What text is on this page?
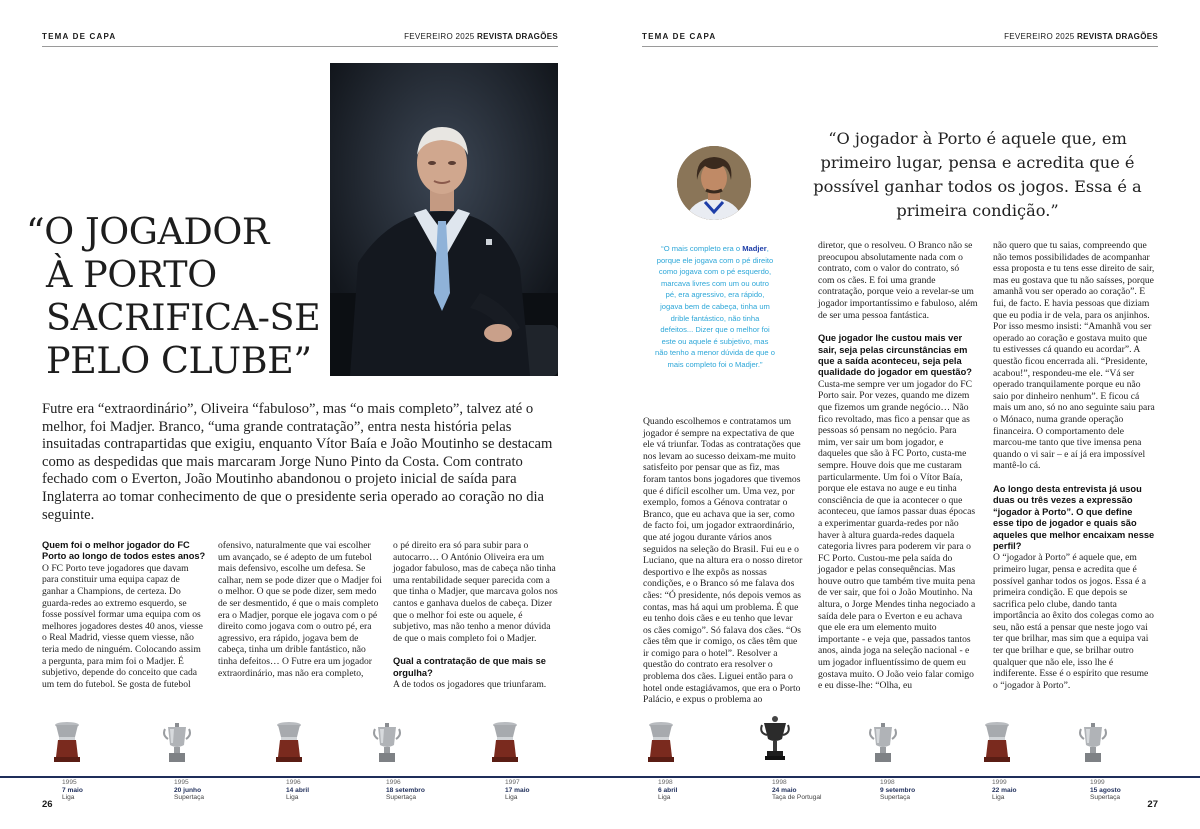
TEMA DE CAPA	FEVEREIRO 2025 REVISTA DRAGÕES
“O JOGADOR
À PORTO
SACRIFICA-SE
PELO CLUBE”
Futre era “extraordinário”, Oliveira “fabuloso”, mas “o mais completo”, talvez até o melhor, foi Madjer. Branco, “uma grande contratação”, entra nesta história pelas insuitadas contrapartidas que exigiu, enquanto Vítor Baía e João Moutinho se destacam como as despedidas que mais marcaram Jorge Nuno Pinto da Costa. Com contrato fechado com o Everton, João Moutinho abandonou o projeto inicial de saída para Inglaterra ao tomar conhecimento de que o presidente seria operado ao coração no dia seguinte.

Quem foi o melhor jogador do FC Porto ao longo de todos estes anos?

O FC Porto teve jogadores que davam para constituir uma equipa capaz de ganhar a Champions, de certeza. Do guarda-redes ao extremo esquerdo, se fosse possível formar uma equipa com os melhores jogadores destes 40 anos, viesse o Real Madrid, viesse quem viesse, não teria medo de ninguém. Colocando assim a pergunta, para mim foi o Madjer. É subjetivo, depende do conceito que cada um tem do futebol. Se gosta de futebol

ofensivo, naturalmente que vai escolher um avançado, se é adepto de um futebol mais defensivo, escolhe um defesa. Se calhar, nem se pode dizer que o Madjer foi o melhor. O que se pode dizer, sem medo de ser desmentido, é que o mais completo era o Madjer, porque ele jogava com o pé direito como jogava com o outro pé, era agressivo, era rápido, jogava bem de cabeça, tinha um drible fantástico, não tinha defeitos… O Futre era um jogador extraordinário, mas não era completo,

o pé direito era só para subir para o autocarro… O António Oliveira era um jogador fabuloso, mas de cabeça não tinha uma rentabilidade sequer parecida com a que tinha o Madjer, que marcava golos nos cantos e ganhava duelos de cabeça. Dizer que o melhor foi este ou aquele, é subjetivo, mas não tenho a menor dúvida de que o mais completo foi o Madjer.

Qual a contratação de que mais se orgulha?

A de todos os jogadores que triunfaram.

1995
7 maio
Liga
1995
20 junho
Supertaça
1996
14 abril
Liga
1996
18 setembro
Supertaça
1997
17 maio
Liga
26
TEMA DE CAPA	FEVEREIRO 2025 REVISTA DRAGÕES
27
“O jogador à Porto é aquele que, em primeiro lugar, pensa e acredita que é possível ganhar todos os jogos. Essa é a primeira condição.”
“O mais completo era o Madjer, porque ele jogava com o pé direito como jogava com o pé esquerdo, marcava livres com um ou outro pé, era agressivo, era rápido, jogava bem de cabeça, tinha um drible fantástico, não tinha defeitos... Dizer que o melhor foi este ou aquele é subjetivo, mas não tenho a menor dúvida de que o mais completo foi o Madjer.”

Quando escolhemos e contratamos um jogador é sempre na expectativa de que ele vá triunfar. Todas as contratações que nos levam ao sucesso deixam-me muito satisfeito por pensar que as fiz, mas foram tantos bons jogadores que tivemos que é difícil escolher um. Uma vez, por exemplo, fomos a Génova contratar o Branco, que eu achava que ia ser, como de facto foi, um jogador extraordinário, que até jogou durante vários anos seguidos na seleção do Brasil. Fui eu e o Luciano, que na altura era o nosso diretor desportivo e lhe expôs as nossas condições, e o Branco só me falava dos cães: “Ó presidente, nós depois vemos as contas, mas há aqui um problema. É que eu tenho dois cães e eu tenho que levar os cães comigo”. Só falava dos cães. “Os cães têm que ir comigo, os cães têm que ir comigo para o hotel”. Resolver a questão do contrato era resolver o problema dos cães. Liguei então para o hotel onde estagiávamos, que era o Porto Palácio, e expus o problema ao

diretor, que o resolveu. O Branco não se preocupou absolutamente nada com o contrato, com o valor do contrato, só com os cães. E foi uma grande contratação, porque veio a revelar-se um jogador importantíssimo e fabuloso, além de ser uma pessoa fantástica.

Que jogador lhe custou mais ver sair, seja pelas circunstâncias em que a saída aconteceu, seja pela qualidade do jogador em questão?

Custa-me sempre ver um jogador do FC Porto sair. Por vezes, quando me dizem que fizemos um grande negócio… Não fico revoltado, mas fico a pensar que as pessoas só pensam no negócio. Para mim, ver sair um bom jogador, e daqueles que são à FC Porto, custa-me sempre. Houve dois que me custaram particularmente. Um foi o Vítor Baía, porque ele estava no auge e eu tinha consciência de que ia acontecer o que aconteceu, que íamos passar duas épocas a experimentar guarda-redes por não haver à altura guarda-redes daquela categoria livres para poderem vir para o FC Porto. Custou-me pela saída do jogador e pelas consequências. Mas houve outro que também tive muita pena de ver sair, que foi o João Moutinho. Na altura, o Jorge Mendes tinha negociado a saída dele para o Everton e eu achava que ele era um elemento muito importante - e veja que, passados tantos anos, ainda joga na seleção nacional - e um jogador influentíssimo de quem eu gostava muito. O João veio falar comigo e eu disse-lhe: “Olha, eu

não quero que tu saias, compreendo que não temos possibilidades de acompanhar essa proposta e tu tens esse direito de sair, mas eu gostava que tu não saísses, porque amanhã vou ser operado ao coração”. E fui, de facto. E havia pessoas que diziam que eu podia ir de vela, para os anjinhos. Por isso mesmo insisti: “Amanhã vou ser operado ao coração e gostava muito que tu estivesses cá quando eu acordar”. A questão ficou encerrada ali. “Presidente, acabou!”, respondeu-me ele. “Vá ser operado tranquilamente porque eu não saio por dinheiro nenhum”. E ficou cá mais um ano, só no ano seguinte saiu para o Mónaco, numa grande operação financeira. O comportamento dele marcou-me tanto que tive imensa pena quando o vi sair – e aí já era impossível mantê-lo cá.

Ao longo desta entrevista já usou duas ou três vezes a expressão “jogador à Porto”. O que define esse tipo de jogador e quais são aqueles que melhor encaixam nesse perfil?

O “jogador à Porto” é aquele que, em primeiro lugar, pensa e acredita que é possível ganhar todos os jogos. Essa é a primeira condição. E que depois se sacrifica pelo clube, dando tanta importância ao êxito dos colegas como ao seu, não está a pensar que neste jogo vai ter que brilhar, mas sim que a equipa vai ter que brilhar e que, se brilhar outro qualquer que não ele, isso lhe é indiferente. Esse é o espírito que resume o “jogador à Porto”.

1998
6 abril
Liga
1998
24 maio
Taça de Portugal
1998
9 setembro
Supertaça
1999
22 maio
Liga
1999
15 agosto
Supertaça
